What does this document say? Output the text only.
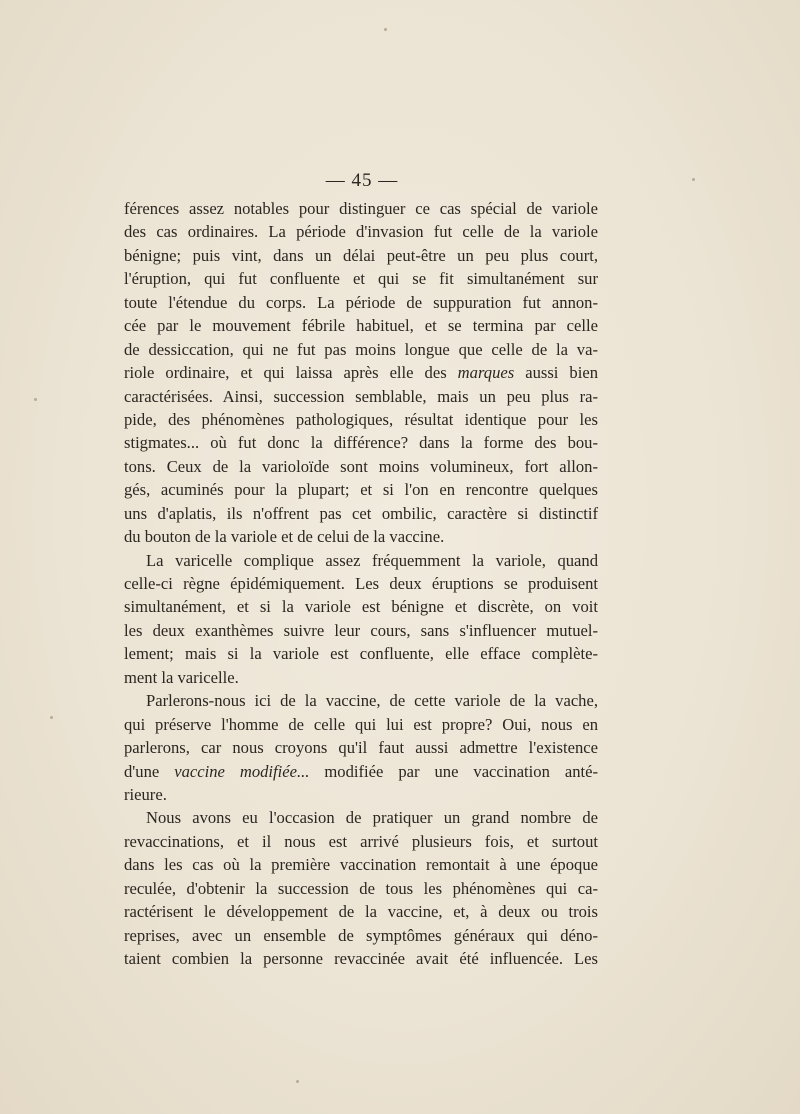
— 45 —
férences assez notables pour distinguer ce cas spécial de variole
des cas ordinaires. La période d'invasion fut celle de la variole
bénigne; puis vint, dans un délai peut-être un peu plus court,
l'éruption, qui fut confluente et qui se fit simultanément sur
toute l'étendue du corps. La période de suppuration fut annon-
cée par le mouvement fébrile habituel, et se termina par celle
de dessiccation, qui ne fut pas moins longue que celle de la va-
riole ordinaire, et qui laissa après elle des marques aussi bien
caractérisées. Ainsi, succession semblable, mais un peu plus ra-
pide, des phénomènes pathologiques, résultat identique pour les
stigmates... où fut donc la différence? dans la forme des bou-
tons. Ceux de la varioloïde sont moins volumineux, fort allon-
gés, acuminés pour la plupart; et si l'on en rencontre quelques
uns d'aplatis, ils n'offrent pas cet ombilic, caractère si distinctif
du bouton de la variole et de celui de la vaccine.
La varicelle complique assez fréquemment la variole, quand
celle-ci règne épidémiquement. Les deux éruptions se produisent
simultanément, et si la variole est bénigne et discrète, on voit
les deux exanthèmes suivre leur cours, sans s'influencer mutuel-
lement; mais si la variole est confluente, elle efface complète-
ment la varicelle.
Parlerons-nous ici de la vaccine, de cette variole de la vache,
qui préserve l'homme de celle qui lui est propre? Oui, nous en
parlerons, car nous croyons qu'il faut aussi admettre l'existence
d'une vaccine modifiée... modifiée par une vaccination anté-
rieure.
Nous avons eu l'occasion de pratiquer un grand nombre de
revaccinations, et il nous est arrivé plusieurs fois, et surtout
dans les cas où la première vaccination remontait à une époque
reculée, d'obtenir la succession de tous les phénomènes qui ca-
ractérisent le développement de la vaccine, et, à deux ou trois
reprises, avec un ensemble de symptômes généraux qui déno-
taient combien la personne revaccinée avait été influencée. Les
